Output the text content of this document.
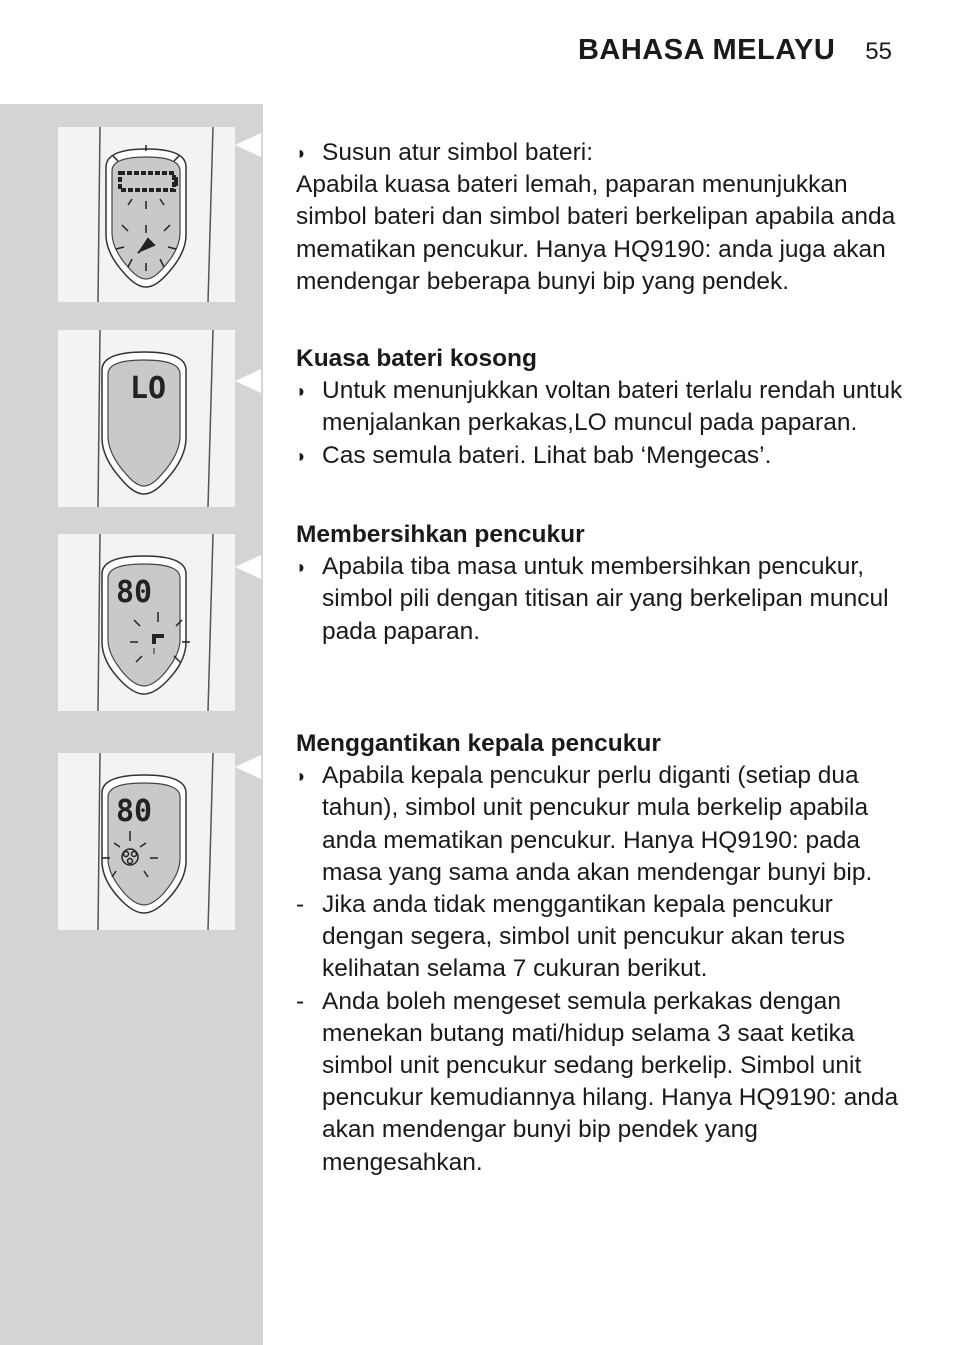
BAHASA MELAYU 55
LO
80
80

◗ Susun atur simbol bateri:

Apabila kuasa bateri lemah, paparan menunjukkan simbol bateri dan simbol bateri berkelipan apabila anda mematikan pencukur. Hanya HQ9190: anda juga akan mendengar beberapa bunyi bip yang pendek.

Kuasa bateri kosong

◗ Untuk menunjukkan voltan bateri terlalu rendah untuk menjalankan perkakas,LO muncul pada paparan.

◗ Cas semula bateri. Lihat bab ‘Mengecas’.

Membersihkan pencukur

◗ Apabila tiba masa untuk membersihkan pencukur, simbol pili dengan titisan air yang berkelipan muncul pada paparan.

Menggantikan kepala pencukur

◗ Apabila kepala pencukur perlu diganti (setiap dua tahun), simbol unit pencukur mula berkelip apabila anda mematikan pencukur. Hanya HQ9190: pada masa yang sama anda akan mendengar bunyi bip.

- Jika anda tidak menggantikan kepala pencukur dengan segera, simbol unit pencukur akan terus kelihatan selama 7 cukuran berikut.

- Anda boleh mengeset semula perkakas dengan menekan butang mati/hidup selama 3 saat ketika simbol unit pencukur sedang berkelip. Simbol unit pencukur kemudiannya hilang. Hanya HQ9190: anda akan mendengar bunyi bip pendek yang mengesahkan.
